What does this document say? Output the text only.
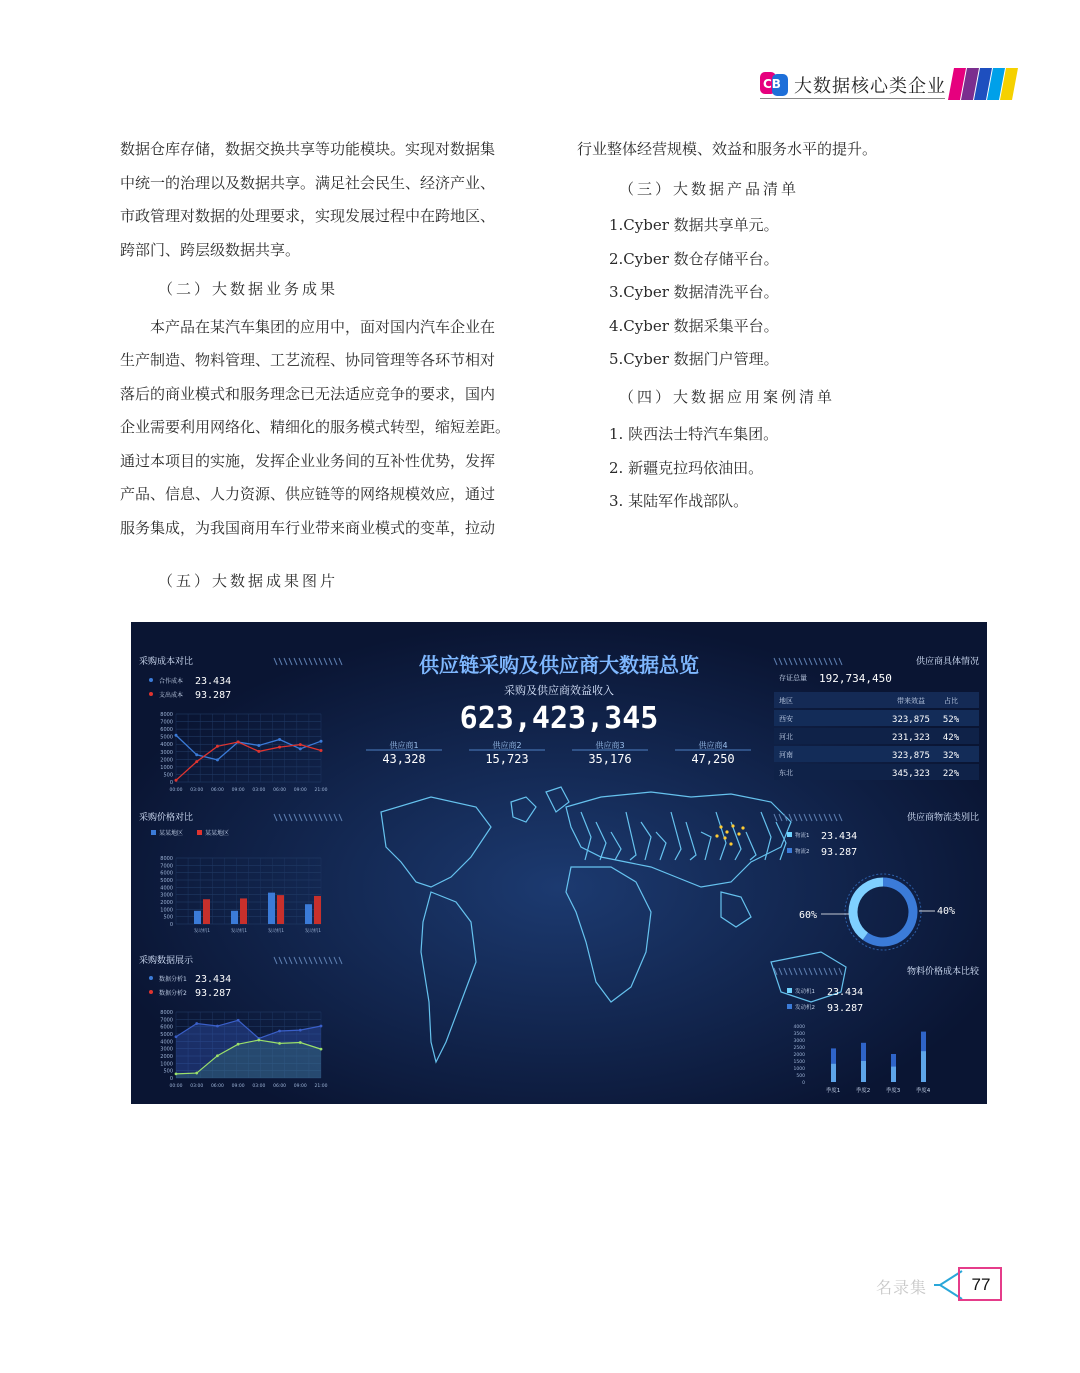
CB 大数据核心类企业

数据仓库存储，数据交换共享等功能模块。实现对数据集

中统一的治理以及数据共享。满足社会民生、经济产业、

市政管理对数据的处理要求，实现发展过程中在跨地区、

跨部门、跨层级数据共享。

（二）大数据业务成果

本产品在某汽车集团的应用中，面对国内汽车企业在

生产制造、物料管理、工艺流程、协同管理等各环节相对

落后的商业模式和服务理念已无法适应竞争的要求，国内

企业需要利用网络化、精细化的服务模式转型，缩短差距。

通过本项目的实施，发挥企业业务间的互补性优势，发挥

产品、信息、人力资源、供应链等的网络规模效应，通过

服务集成，为我国商用车行业带来商业模式的变革，拉动

行业整体经营规模、效益和服务水平的提升。

（三）大数据产品清单

1.Cyber 数据共享单元。

2.Cyber 数仓存储平台。

3.Cyber 数据清洗平台。

4.Cyber 数据采集平台。

5.Cyber 数据门户管理。

（四）大数据应用案例清单

1. 陕西法士特汽车集团。

2. 新疆克拉玛依油田。

3. 某陆军作战部队。

（五）大数据成果图片
供应链采购及供应商大数据总览
采购及供应商效益收入
623,423,345
供应商1
43,328
供应商2
15,723
供应商3
35,176
供应商4
47,250
采购成本对比
合作成本 23.434
支出成本 93.287
8000
7000
6000
5000
4000
3000
2000
1000
500
0
00:00 03:00 06:00 09:00 03:00 06:00 09:00 21:00
采购价格对比
某某地区	某某地区
8000
7000
6000
5000
4000
3000
2000
1000
500
0
发动机1	发动机1	发动机1	发动机1
采购数据展示
数据分析1 23.434
数据分析2 93.287
8000
7000
6000
5000
4000
3000
2000
1000
500
0
00:00 03:00 06:00 09:00 03:00 06:00 09:00 21:00
供应商具体情况
存证总量 192,734,450
地区	带来效益	占比
西安	323,875 52%
河北	231,323 42%
河南	323,875 32%
东北	345,323 22%
供应商物流类别比
物流1 23.434
物流2 93.287
60%	40%
物料价格成本比较
发动机1 23.434
发动机2 93.287
4000
3500
3000
2500
2000
1500
1000
500
0
季度1	季度2	季度3	季度4
名录集	77
